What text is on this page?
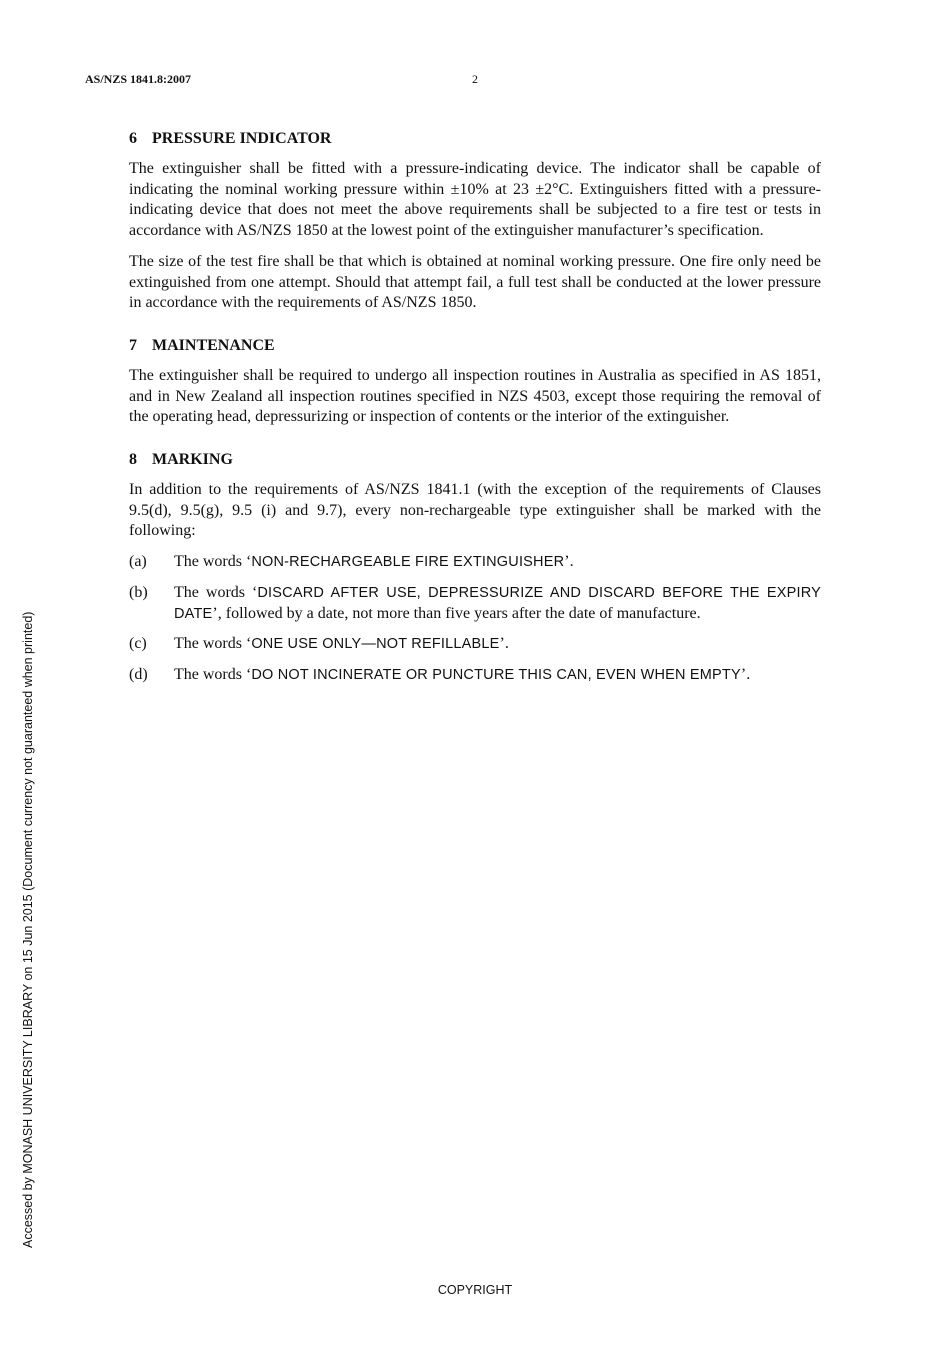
AS/NZS 1841.8:2007	2
6 PRESSURE INDICATOR

The extinguisher shall be fitted with a pressure-indicating device. The indicator shall be capable of indicating the nominal working pressure within ±10% at 23 ±2°C. Extinguishers fitted with a pressure-indicating device that does not meet the above requirements shall be subjected to a fire test or tests in accordance with AS/NZS 1850 at the lowest point of the extinguisher manufacturer’s specification.

The size of the test fire shall be that which is obtained at nominal working pressure. One fire only need be extinguished from one attempt. Should that attempt fail, a full test shall be conducted at the lower pressure in accordance with the requirements of AS/NZS 1850.

7 MAINTENANCE

The extinguisher shall be required to undergo all inspection routines in Australia as specified in AS 1851, and in New Zealand all inspection routines specified in NZS 4503, except those requiring the removal of the operating head, depressurizing or inspection of contents or the interior of the extinguisher.

8 MARKING

In addition to the requirements of AS/NZS 1841.1 (with the exception of the requirements of Clauses 9.5(d), 9.5(g), 9.5 (i) and 9.7), every non-rechargeable type extinguisher shall be marked with the following:

(a)	The words ‘NON-RECHARGEABLE FIRE EXTINGUISHER’.
(b)	The words ‘DISCARD AFTER USE, DEPRESSURIZE AND DISCARD BEFORE THE EXPIRY DATE’, followed by a date, not more than five years after the date of manufacture.
(c)	The words ‘ONE USE ONLY—NOT REFILLABLE’.
(d)	The words ‘DO NOT INCINERATE OR PUNCTURE THIS CAN, EVEN WHEN EMPTY’.
Accessed by MONASH UNIVERSITY LIBRARY on 15 Jun 2015 (Document currency not guaranteed when printed)
COPYRIGHT
